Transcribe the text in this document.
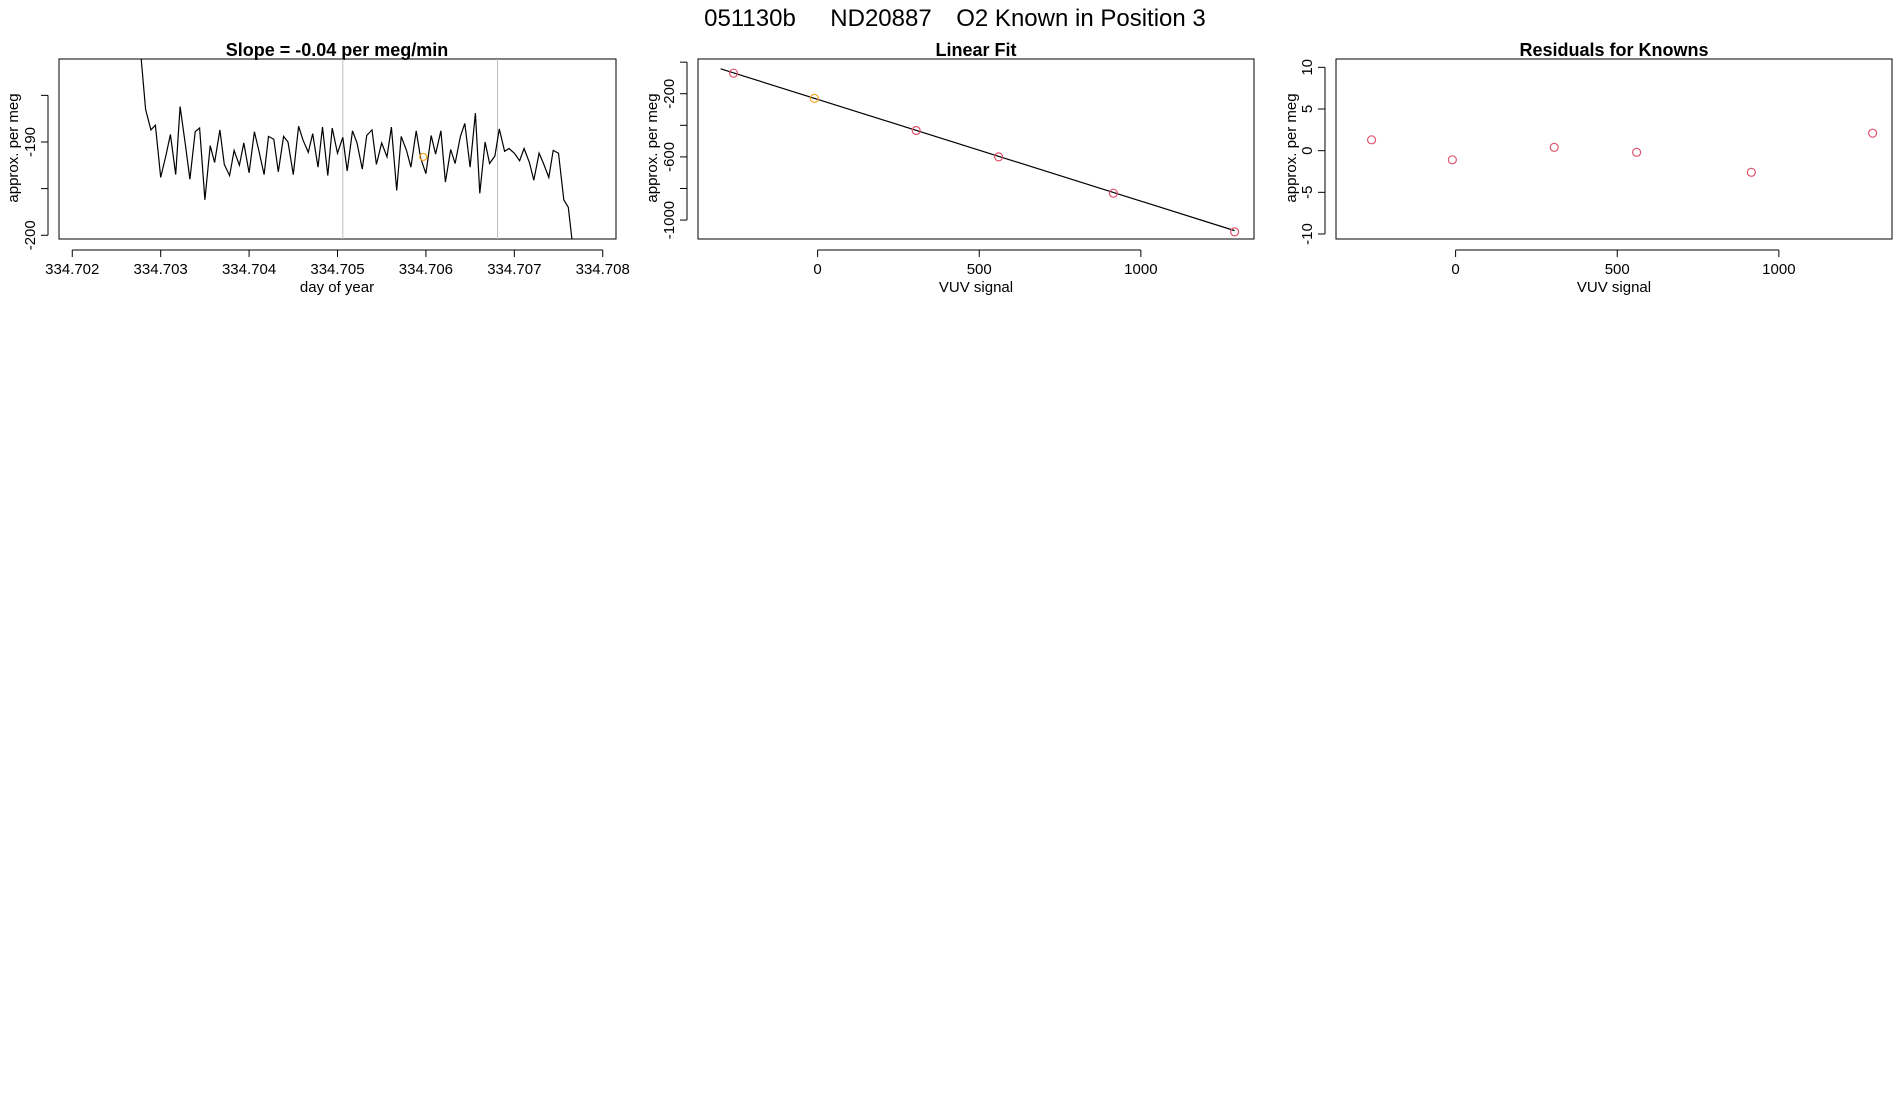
051130b ND20887 O2 Known in Position 3
Slope = -0.04 per meg/min
day of year
approx. per meg
334.702 334.703 334.704 334.705 334.706 334.707 334.708
-190
-200
Linear Fit
VUV signal
approx. per meg
0	500	1000
-200
-600
-1000
Residuals for Knowns
VUV signal
approx. per meg
0	500	1000
-10
-5
0
5
10
